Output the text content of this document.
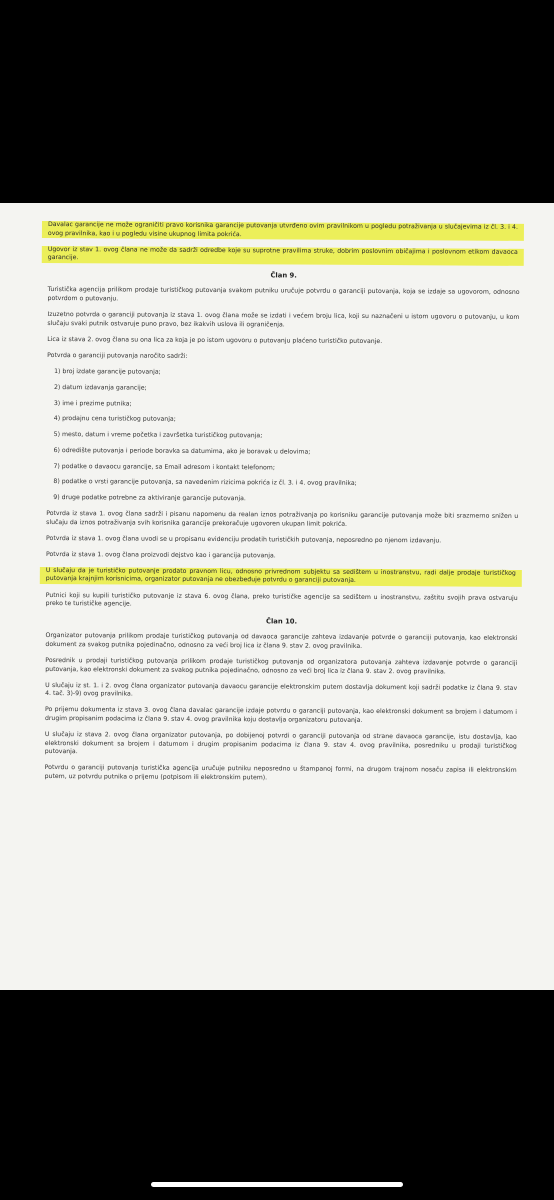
Davalac garancije ne može ograničiti pravo korisnika garancije putovanja utvrđeno ovim pravilnikom u pogledu potraživanja u slučajevima iz čl. 3. i 4. ovog pravilnika, kao i u pogledu visine ukupnog limita pokrića.

Ugovor iz stav 1. ovog člana ne može da sadrži odredbe koje su suprotne pravilima struke, dobrim poslovnim običajima i poslovnom etikom davaoca garancije.

Član 9.

Turistička agencija prilikom prodaje turističkog putovanja svakom putniku uručuje potvrdu o garanciji putovanja, koja se izdaje sa ugovorom, odnosno potvrdom o putovanju.

Izuzetno potvrda o garanciji putovanja iz stava 1. ovog člana može se izdati i većem broju lica, koji su naznačeni u istom ugovoru o putovanju, u kom slučaju svaki putnik ostvaruje puno pravo, bez ikakvih uslova ili ograničenja.

Lica iz stava 2. ovog člana su ona lica za koja je po istom ugovoru o putovanju plaćeno turističko putovanje.

Potvrda o garanciji putovanja naročito sadrži:

1) broj izdate garancije putovanja;

2) datum izdavanja garancije;

3) ime i prezime putnika;

4) prodajnu cena turističkog putovanja;

5) mesto, datum i vreme početka i završetka turističkog putovanja;

6) odredište putovanja i periode boravka sa datumima, ako je boravak u delovima;

7) podatke o davaocu garancije, sa Email adresom i kontakt telefonom;

8) podatke o vrsti garancije putovanja, sa navedenim rizicima pokrića iz čl. 3. i 4. ovog pravilnika;

9) druge podatke potrebne za aktiviranje garancije putovanja.

Potvrda iz stava 1. ovog člana sadrži i pisanu napomenu da realan iznos potraživanja po korisniku garancije putovanja može biti srazmerno snižen u slučaju da iznos potraživanja svih korisnika garancije prekoračuje ugovoren ukupan limit pokrića.

Potvrda iz stava 1. ovog člana uvodi se u propisanu evidenciju prodatih turističkih putovanja, neposredno po njenom izdavanju.

Potvrda iz stava 1. ovog člana proizvodi dejstvo kao i garancija putovanja.

U slučaju da je turističko putovanje prodato pravnom licu, odnosno privrednom subjektu sa sedištem u inostranstvu, radi dalje prodaje turističkog putovanja krajnjim korisnicima, organizator putovanja ne obezbeđuje potvrdu o garanciji putovanja.

Putnici koji su kupili turističko putovanje iz stava 6. ovog člana, preko turističke agencije sa sedištem u inostranstvu, zaštitu svojih prava ostvaruju preko te turističke agencije.

Član 10.

Organizator putovanja prilikom prodaje turističkog putovanja od davaoca garancije zahteva izdavanje potvrde o garanciji putovanja, kao elektronski dokument za svakog putnika pojedinačno, odnosno za veći broj lica iz člana 9. stav 2. ovog pravilnika.

Posrednik u prodaji turističkog putovanja prilikom prodaje turističkog putovanja od organizatora putovanja zahteva izdavanje potvrde o garanciji putovanja, kao elektronski dokument za svakog putnika pojedinačno, odnosno za veći broj lica iz člana 9. stav 2. ovog pravilnika.

U slučaju iz st. 1. i 2. ovog člana organizator putovanja davaocu garancije elektronskim putem dostavlja dokument koji sadrži podatke iz člana 9. stav 4. tač. 3)-9) ovog pravilnika.

Po prijemu dokumenta iz stava 3. ovog člana davalac garancije izdaje potvrdu o garanciji putovanja, kao elektronski dokument sa brojem i datumom i drugim propisanim podacima iz člana 9. stav 4. ovog pravilnika koju dostavlja organizatoru putovanja.

U slučaju iz stava 2. ovog člana organizator putovanja, po dobijenoj potvrdi o garanciji putovanja od strane davaoca garancije, istu dostavlja, kao elektronski dokument sa brojem i datumom i drugim propisanim podacima iz člana 9. stav 4. ovog pravilnika, posredniku u prodaji turističkog putovanja.

Potvrdu o garanciji putovanja turistička agencija uručuje putniku neposredno u štampanoj formi, na drugom trajnom nosaču zapisa ili elektronskim putem, uz potvrdu putnika o prijemu (potpisom ili elektronskim putem).
